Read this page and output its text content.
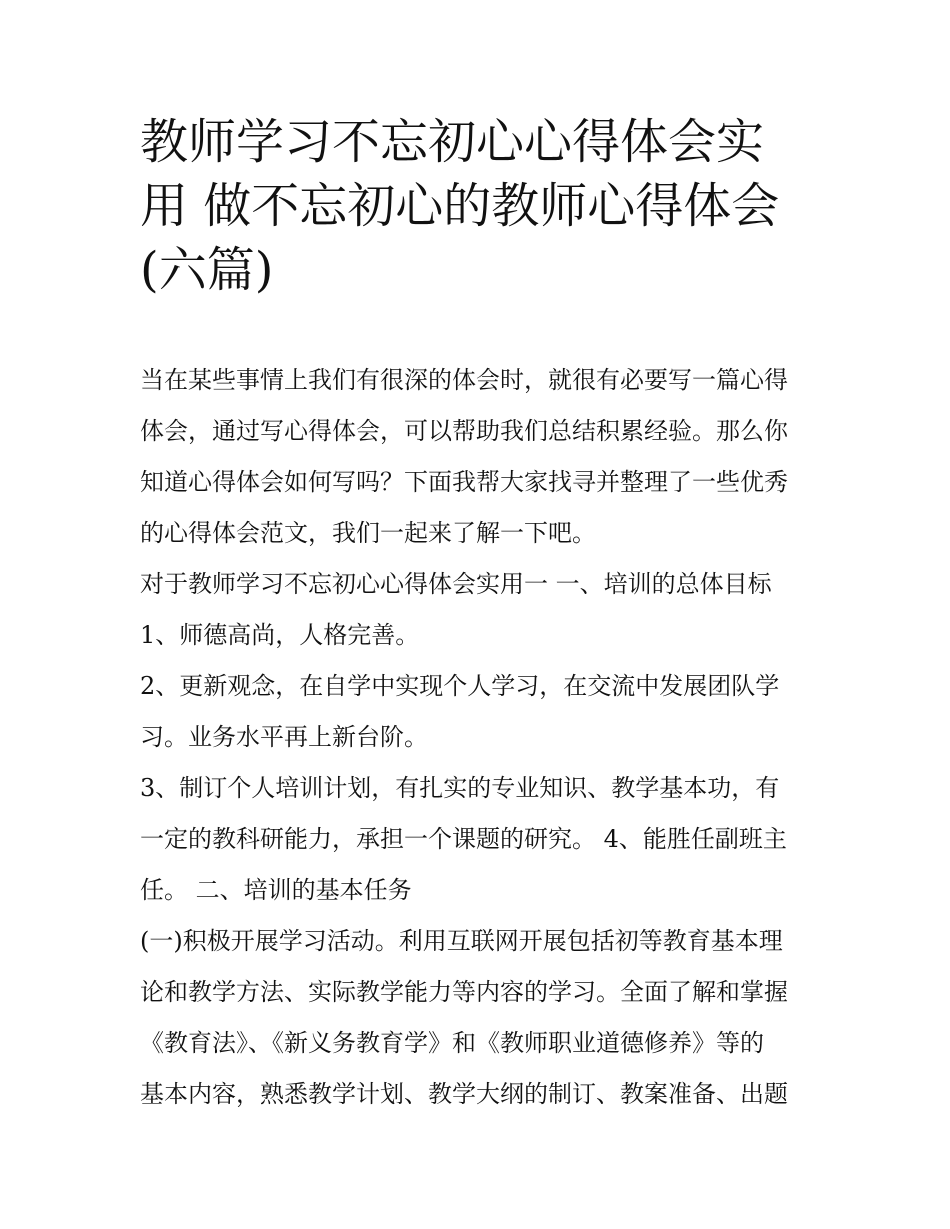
教师学习不忘初心心得体会实
用 做不忘初心的教师心得体会
(六篇)

当在某些事情上我们有很深的体会时，就很有必要写一篇心得

体会，通过写心得体会，可以帮助我们总结积累经验。那么你

知道心得体会如何写吗？下面我帮大家找寻并整理了一些优秀

的心得体会范文，我们一起来了解一下吧。

对于教师学习不忘初心心得体会实用一 一、培训的总体目标

1、师德高尚，人格完善。

2、更新观念，在自学中实现个人学习，在交流中发展团队学

习。业务水平再上新台阶。

3、制订个人培训计划，有扎实的专业知识、教学基本功，有

一定的教科研能力，承担一个课题的研究。 4、能胜任副班主

任。 二、培训的基本任务

(一)积极开展学习活动。利用互联网开展包括初等教育基本理

论和教学方法、实际教学能力等内容的学习。全面了解和掌握

《教育法》、《新义务教育学》和《教师职业道德修养》等的

基本内容，熟悉教学计划、教学大纲的制订、教案准备、出题
